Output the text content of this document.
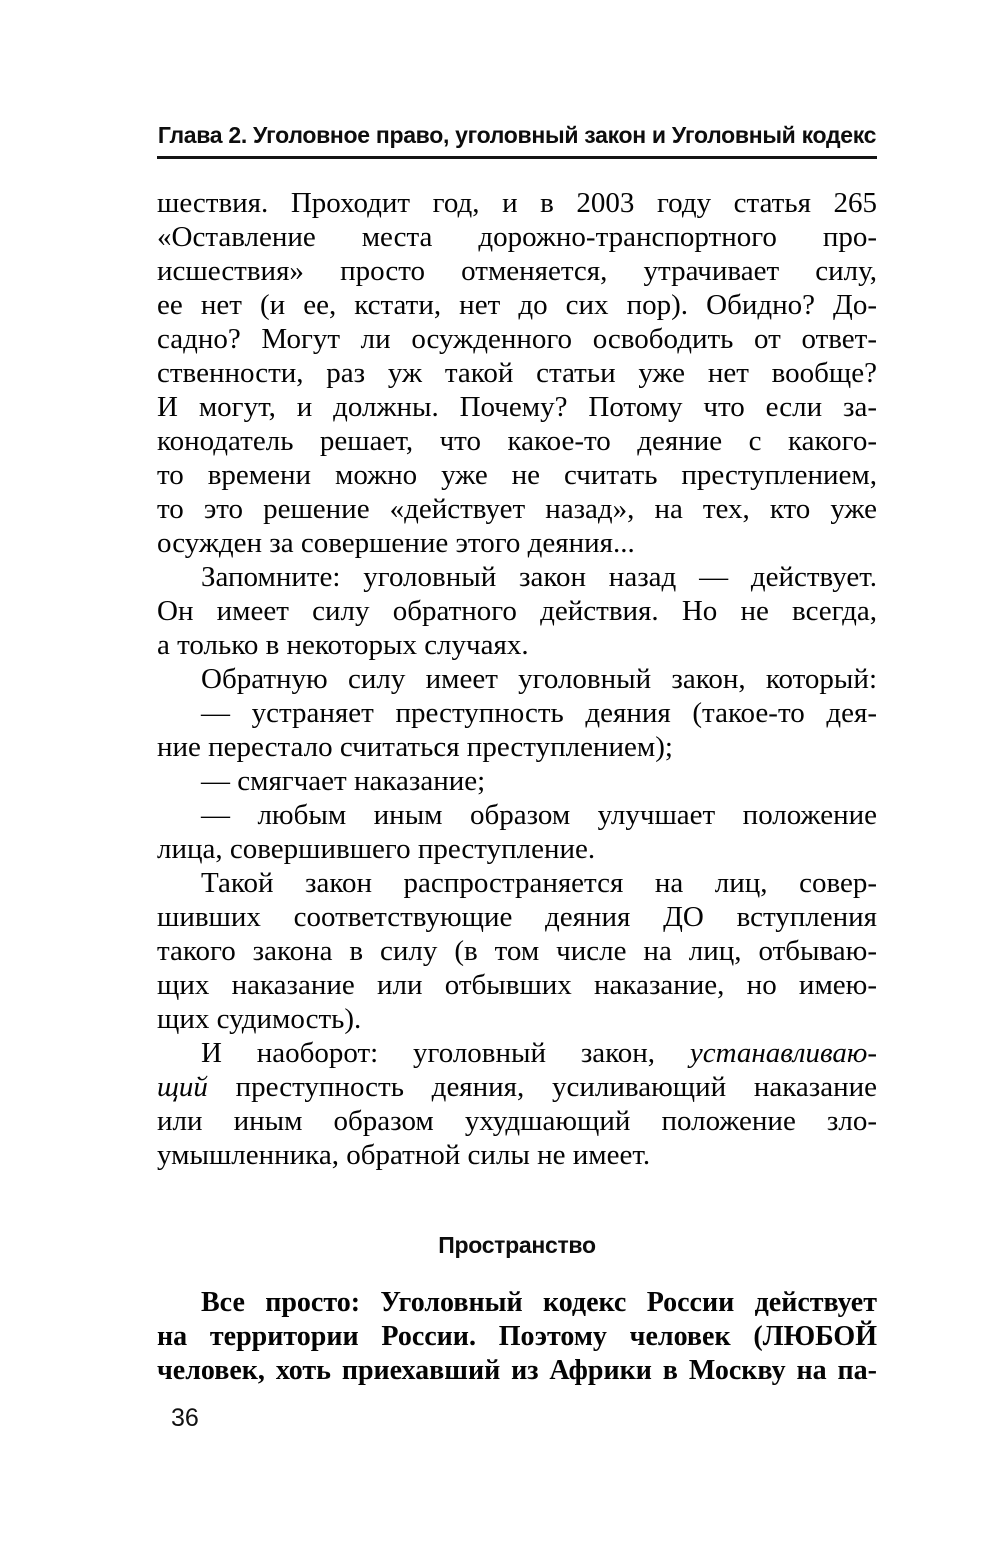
Глава 2. Уголовное право, уголовный закон и Уголовный кодекс
шествия. Проходит год, и в 2003 году статья 265
«Оставление места дорожно-транспортного про-
исшествия» просто отменяется, утрачивает силу,
ее нет (и ее, кстати, нет до сих пор). Обидно? До-
садно? Могут ли осужденного освободить от ответ-
ственности, раз уж такой статьи уже нет вообще?
И могут, и должны. Почему? Потому что если за-
конодатель решает, что какое-то деяние с какого-
то времени можно уже не считать преступлением,
то это решение «действует назад», на тех, кто уже
осужден за совершение этого деяния...
Запомните: уголовный закон назад — действует.
Он имеет силу обратного действия. Но не всегда,
а только в некоторых случаях.
Обратную силу имеет уголовный закон, который:
— устраняет преступность деяния (такое-то дея-
ние перестало считаться преступлением);
— смягчает наказание;
— любым иным образом улучшает положение
лица, совершившего преступление.
Такой закон распространяется на лиц, совер-
шивших соответствующие деяния ДО вступления
такого закона в силу (в том числе на лиц, отбываю-
щих наказание или отбывших наказание, но имею-
щих судимость).
И наоборот: уголовный закон, устанавливаю-
щий преступность деяния, усиливающий наказание
или иным образом ухудшающий положение зло-
умышленника, обратной силы не имеет.
Пространство
Все просто: Уголовный кодекс России действует
на территории России. Поэтому человек (ЛЮБОЙ
человек, хоть приехавший из Африки в Москву на па-
36
